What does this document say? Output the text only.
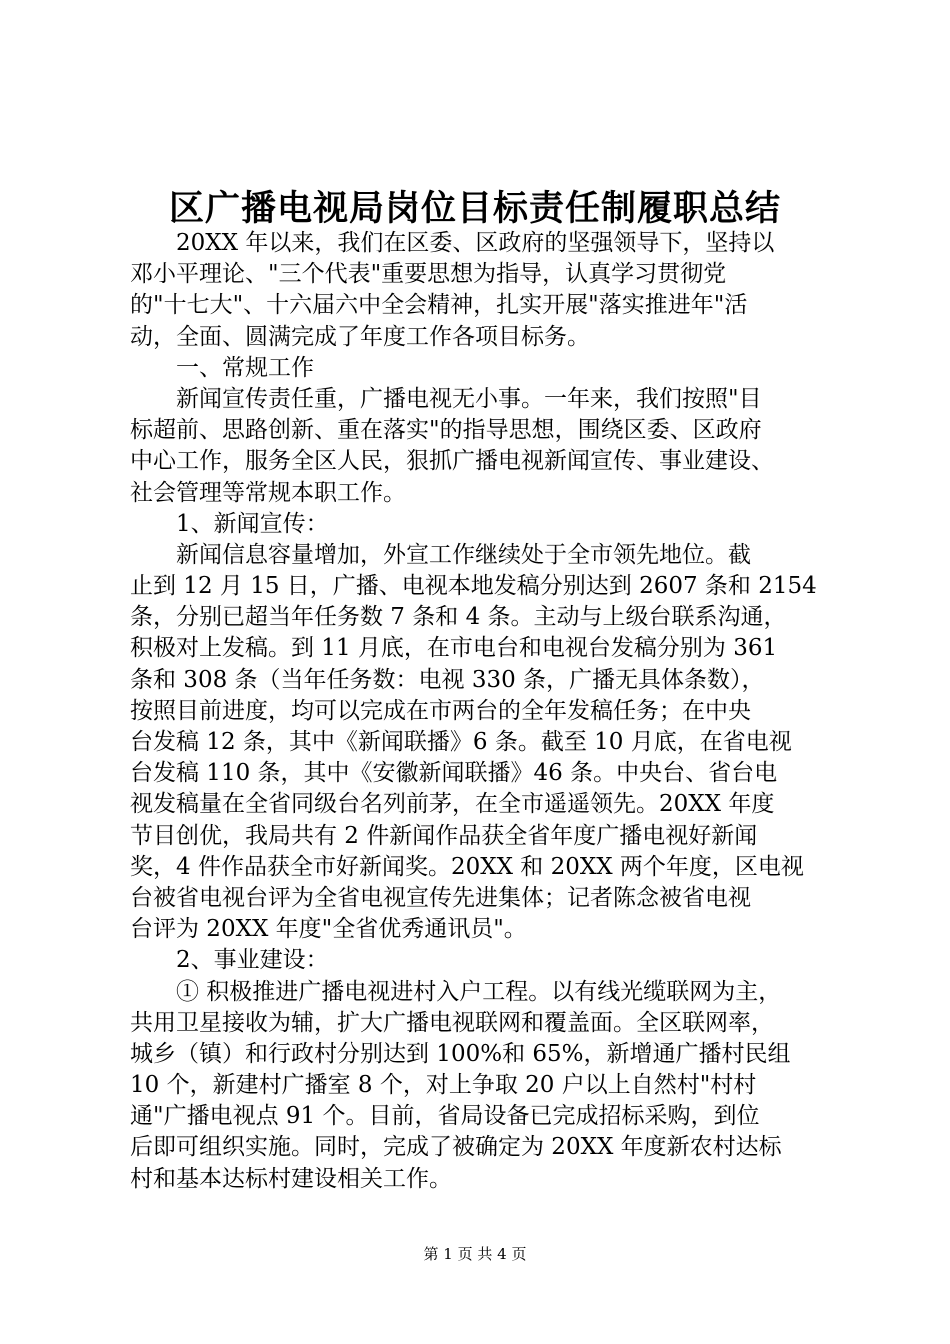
区广播电视局岗位目标责任制履职总结
20XX 年以来，我们在区委、区政府的坚强领导下，坚持以
邓小平理论、"三个代表"重要思想为指导，认真学习贯彻党
的"十七大"、十六届六中全会精神，扎实开展"落实推进年"活
动，全面、圆满完成了年度工作各项目标务。
一、常规工作
新闻宣传责任重，广播电视无小事。一年来，我们按照"目
标超前、思路创新、重在落实"的指导思想，围绕区委、区政府
中心工作，服务全区人民，狠抓广播电视新闻宣传、事业建设、
社会管理等常规本职工作。
1、新闻宣传：
新闻信息容量增加，外宣工作继续处于全市领先地位。截
止到 12 月 15 日，广播、电视本地发稿分别达到 2607 条和 2154
条，分别已超当年任务数 7 条和 4 条。主动与上级台联系沟通，
积极对上发稿。到 11 月底，在市电台和电视台发稿分别为 361
条和 308 条（当年任务数：电视 330 条，广播无具体条数），
按照目前进度，均可以完成在市两台的全年发稿任务；在中央
台发稿 12 条，其中《新闻联播》6 条。截至 10 月底，在省电视
台发稿 110 条，其中《安徽新闻联播》46 条。中央台、省台电
视发稿量在全省同级台名列前茅，在全市遥遥领先。20XX 年度
节目创优，我局共有 2 件新闻作品获全省年度广播电视好新闻
奖，4 件作品获全市好新闻奖。20XX 和 20XX 两个年度，区电视
台被省电视台评为全省电视宣传先进集体；记者陈念被省电视
台评为 20XX 年度"全省优秀通讯员"。
2、事业建设：
① 积极推进广播电视进村入户工程。以有线光缆联网为主，
共用卫星接收为辅，扩大广播电视联网和覆盖面。全区联网率，
城乡（镇）和行政村分别达到 100%和 65%，新增通广播村民组
10 个，新建村广播室 8 个，对上争取 20 户以上自然村"村村
通"广播电视点 91 个。目前，省局设备已完成招标采购，到位
后即可组织实施。同时，完成了被确定为 20XX 年度新农村达标
村和基本达标村建设相关工作。
第 1 页 共 4 页
